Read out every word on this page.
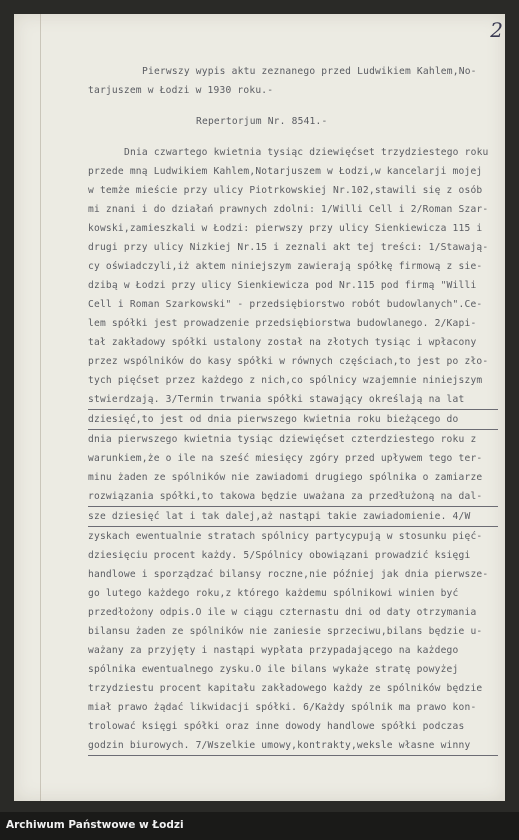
2

Pierwszy wypis aktu zeznanego przed Ludwikiem Kahlem,No-

tarjuszem w Łodzi w 1930 roku.-

Repertorjum Nr. 8541.-

Dnia czwartego kwietnia tysiąc dziewięćset trzydziestego roku

przede mną Ludwikiem Kahlem,Notarjuszem w Łodzi,w kancelarji mojej

w temże mieście przy ulicy Piotrkowskiej Nr.102,stawili się z osób

mi znani i do działań prawnych zdolni: 1/Willi Cell i 2/Roman Szar-

kowski,zamieszkali w Łodzi: pierwszy przy ulicy Sienkiewicza 115 i

drugi przy ulicy Nizkiej Nr.15 i zeznali akt tej treści: 1/Stawają-

cy oświadczyli,iż aktem niniejszym zawierają spółkę firmową z sie-

dzibą w Łodzi przy ulicy Sienkiewicza pod Nr.115 pod firmą "Willi

Cell i Roman Szarkowski" - przedsiębiorstwo robót budowlanych".Ce-

lem spółki jest prowadzenie przedsiębiorstwa budowlanego. 2/Kapi-

tał zakładowy spółki ustalony został na złotych tysiąc i wpłacony

przez wspólników do kasy spółki w równych częściach,to jest po zło-

tych pięćset przez każdego z nich,co spólnicy wzajemnie niniejszym

stwierdzają. 3/Termin trwania spółki stawający określają na lat

dziesięć,to jest od dnia pierwszego kwietnia roku bieżącego do

dnia pierwszego kwietnia tysiąc dziewięćset czterdziestego roku z

warunkiem,że o ile na sześć miesięcy zgóry przed upływem tego ter-

minu żaden ze spólników nie zawiadomi drugiego spólnika o zamiarze

rozwiązania spółki,to takowa będzie uważana za przedłużoną na dal-

sze dziesięć lat i tak dalej,aż nastąpi takie zawiadomienie. 4/W

zyskach ewentualnie stratach spólnicy partycypują w stosunku pięć-

dziesięciu procent każdy. 5/Spólnicy obowiązani prowadzić księgi

handlowe i sporządzać bilansy roczne,nie później jak dnia pierwsze-

go lutego każdego roku,z którego każdemu spólnikowi winien być

przedłożony odpis.O ile w ciągu czternastu dni od daty otrzymania

bilansu żaden ze spólników nie zaniesie sprzeciwu,bilans będzie u-

ważany za przyjęty i nastąpi wypłata przypadającego na każdego

spólnika ewentualnego zysku.O ile bilans wykaże stratę powyżej

trzydziestu procent kapitału zakładowego każdy ze spólników będzie

miał prawo żądać likwidacji spółki. 6/Każdy spólnik ma prawo kon-

trolować księgi spółki oraz inne dowody handlowe spółki podczas

godzin biurowych. 7/Wszelkie umowy,kontrakty,weksle własne winny

Archiwum Państwowe w Łodzi
